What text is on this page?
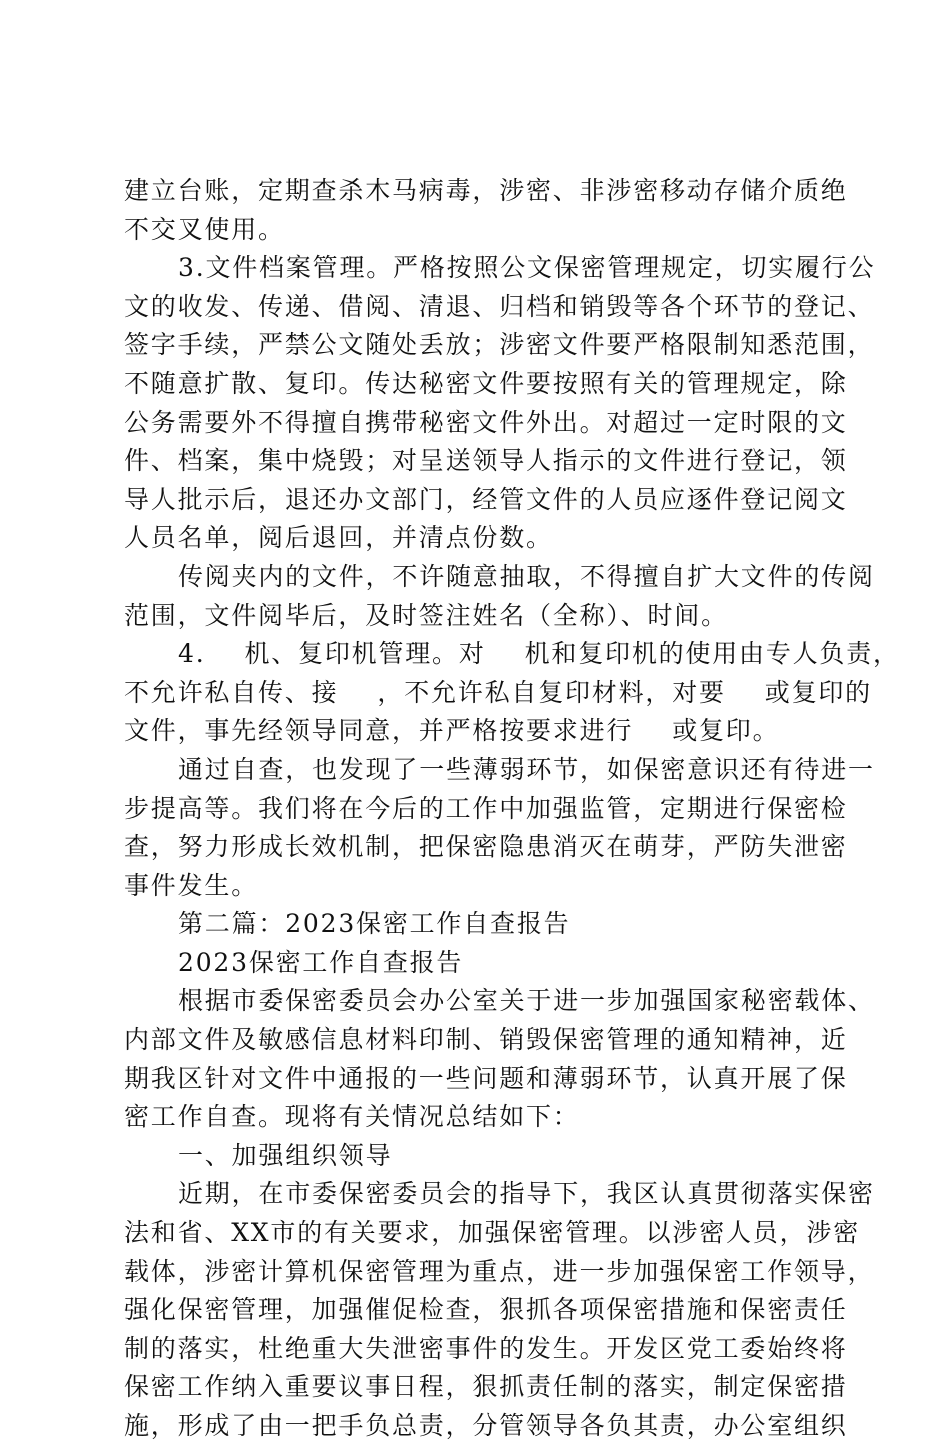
建立台账，定期查杀木马病毒，涉密、非涉密移动存储介质绝
不交叉使用。
3.文件档案管理。严格按照公文保密管理规定，切实履行公
文的收发、传递、借阅、清退、归档和销毁等各个环节的登记、
签字手续，严禁公文随处丢放；涉密文件要严格限制知悉范围，
不随意扩散、复印。传达秘密文件要按照有关的管理规定，除
公务需要外不得擅自携带秘密文件外出。对超过一定时限的文
件、档案，集中烧毁；对呈送领导人指示的文件进行登记，领
导人批示后，退还办文部门，经管文件的人员应逐件登记阅文
人员名单，阅后退回，并清点份数。
传阅夹内的文件，不许随意抽取，不得擅自扩大文件的传阅
范围，文件阅毕后，及时签注姓名（全称）、时间。
4.    机、复印机管理。对    机和复印机的使用由专人负责，
不允许私自传、接    ，不允许私自复印材料，对要    或复印的
文件，事先经领导同意，并严格按要求进行    或复印。
通过自查，也发现了一些薄弱环节，如保密意识还有待进一
步提高等。我们将在今后的工作中加强监管，定期进行保密检
查，努力形成长效机制，把保密隐患消灭在萌芽，严防失泄密
事件发生。
第二篇：2023保密工作自查报告
2023保密工作自查报告
根据市委保密委员会办公室关于进一步加强国家秘密载体、
内部文件及敏感信息材料印制、销毁保密管理的通知精神，近
期我区针对文件中通报的一些问题和薄弱环节，认真开展了保
密工作自查。现将有关情况总结如下：
一、加强组织领导
近期，在市委保密委员会的指导下，我区认真贯彻落实保密
法和省、XX市的有关要求，加强保密管理。以涉密人员，涉密
载体，涉密计算机保密管理为重点，进一步加强保密工作领导，
强化保密管理，加强催促检查，狠抓各项保密措施和保密责任
制的落实，杜绝重大失泄密事件的发生。开发区党工委始终将
保密工作纳入重要议事日程，狠抓责任制的落实，制定保密措
施，形成了由一把手负总责，分管领导各负其责，办公室组织
